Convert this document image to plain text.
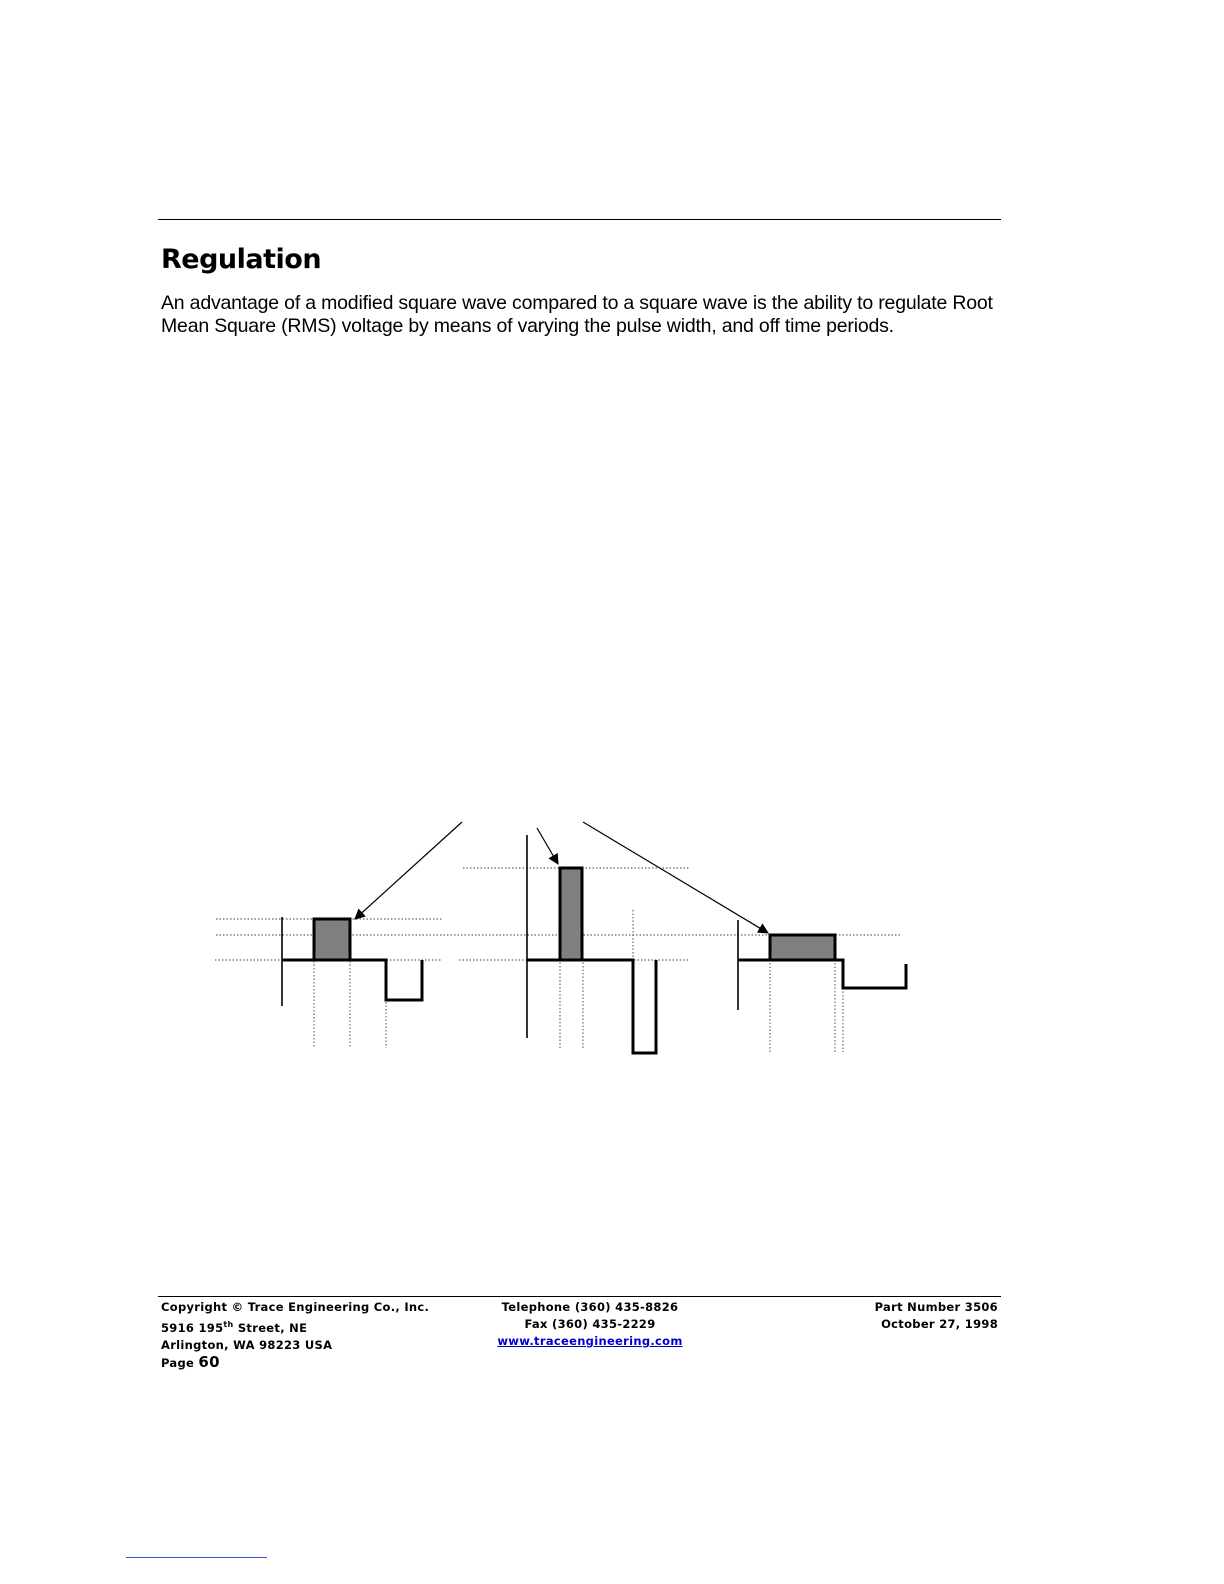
Regulation

An advantage of a modified square wave compared to a square wave is the ability to regulate Root Mean Square (RMS) voltage by means of varying the pulse width, and off time periods.

Copyright © Trace Engineering Co., Inc.
5916 195th Street, NE
Arlington, WA 98223 USA
Page 60
Telephone (360) 435-8826
Fax (360) 435-2229
www.traceengineering.com
Part Number 3506
October 27, 1998
